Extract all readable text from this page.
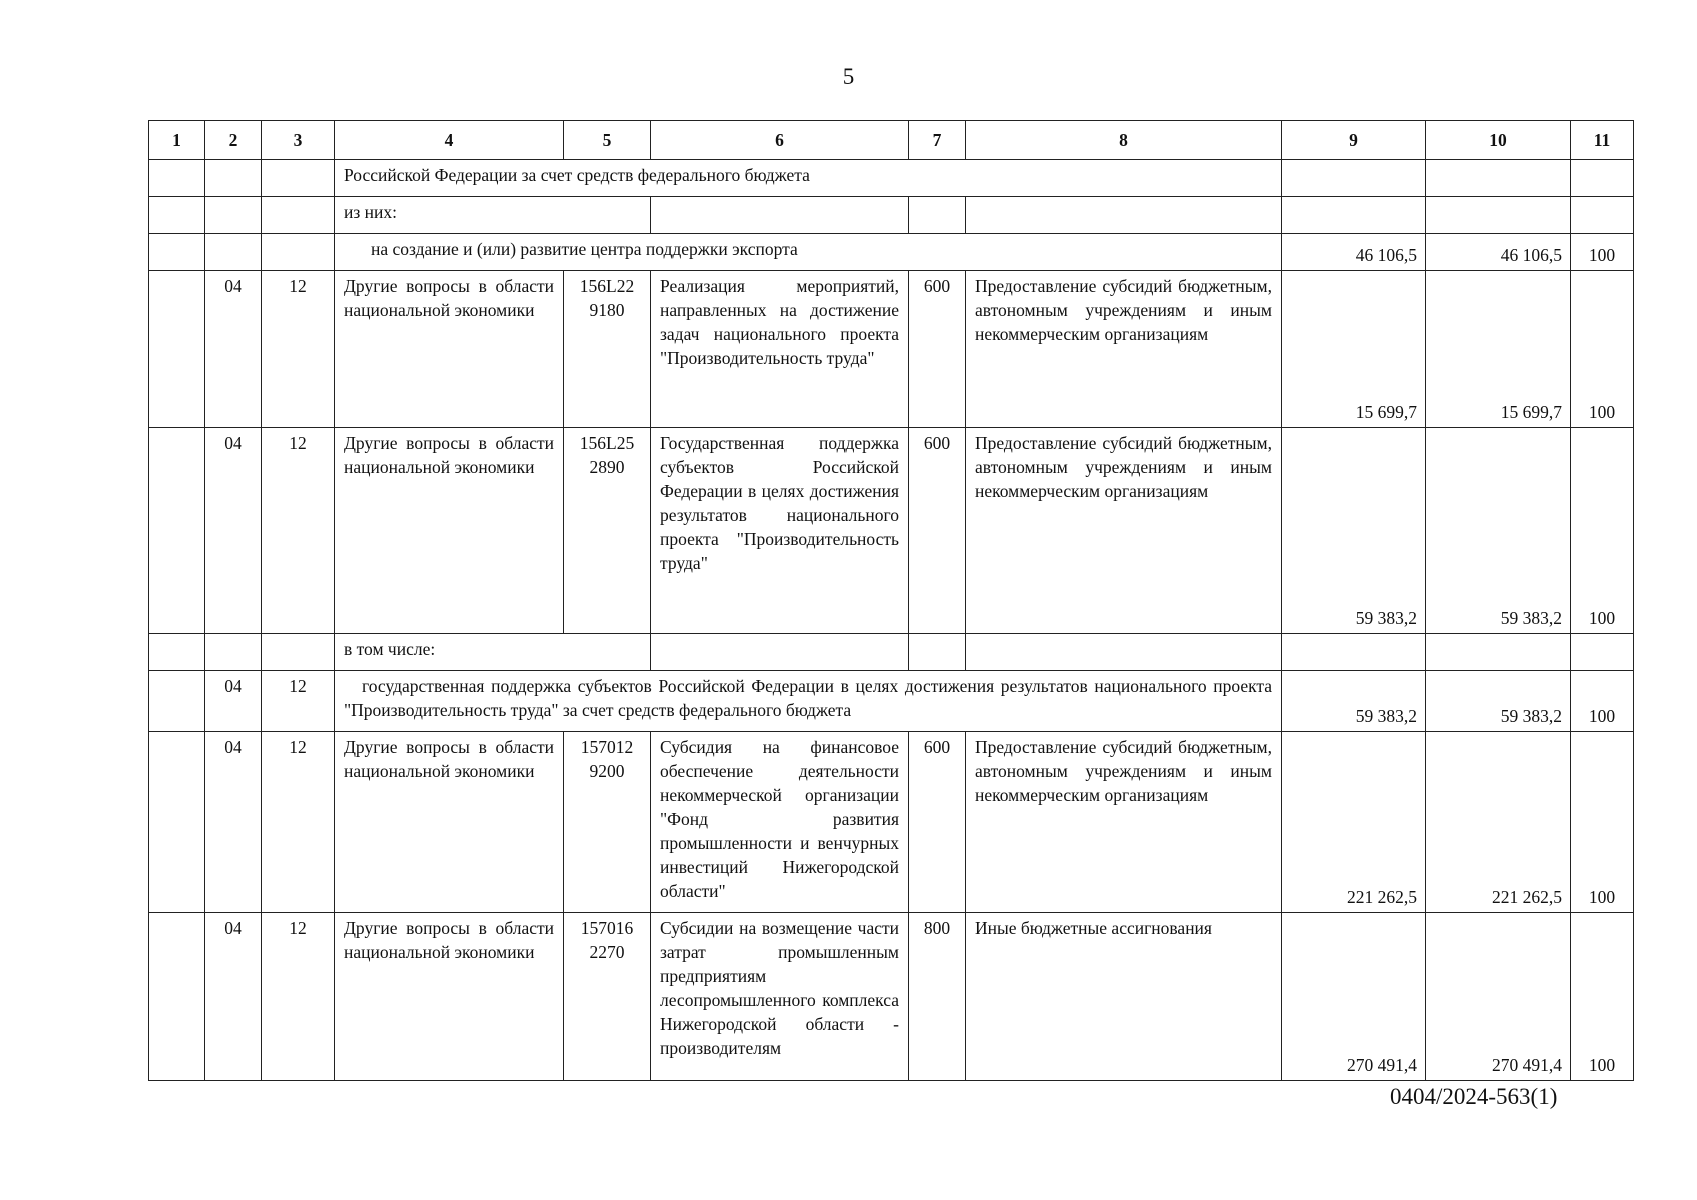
5
1	2	3	4	5	6	7	8	9	10	11
			Российской Федерации за счет средств федерального бюджета							
			из них:							
			на создание и (или) развитие центра поддержки экспорта					46 106,5	46 106,5	100
	04	12	Другие вопросы в области национальной экономики	156L22 9180	Реализация мероприятий, направленных на достижение задач национального проекта "Производительность труда"	600	Предоставление субсидий бюджетным, автономным учреждениям и иным некоммерческим организациям	15 699,7	15 699,7	100
	04	12	Другие вопросы в области национальной экономики	156L25 2890	Государственная поддержка субъектов Российской Федерации в целях достижения результатов национального проекта "Производительность труда"	600	Предоставление субсидий бюджетным, автономным учреждениям и иным некоммерческим организациям	59 383,2	59 383,2	100
			в том числе:							
	04	12	государственная поддержка субъектов Российской Федерации в целях достижения результатов национального проекта "Производительность труда" за счет средств федерального бюджета					59 383,2	59 383,2	100
	04	12	Другие вопросы в области национальной экономики	157012 9200	Субсидия на финансовое обеспечение деятельности некоммерческой организации "Фонд развития промышленности и венчурных инвестиций Нижегородской области"	600	Предоставление субсидий бюджетным, автономным учреждениям и иным некоммерческим организациям	221 262,5	221 262,5	100
	04	12	Другие вопросы в области национальной экономики	157016 2270	Субсидии на возмещение части затрат промышленным предприятиям лесопромышленного комплекса Нижегородской области - производителям	800	Иные бюджетные ассигнования	270 491,4	270 491,4	100
0404/2024-563(1)
